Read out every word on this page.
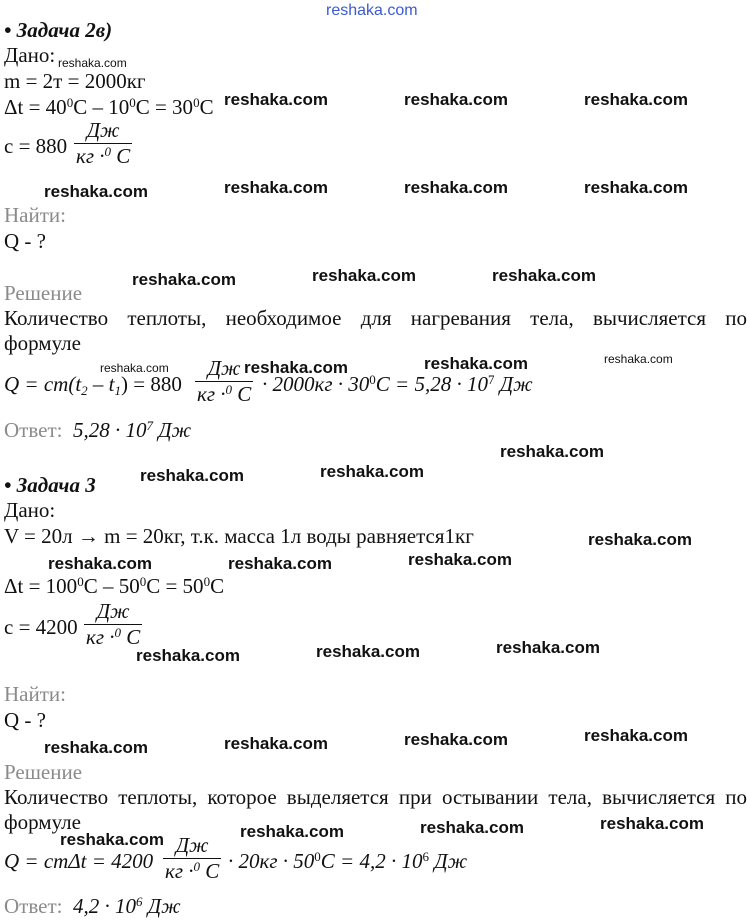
reshaka.com
• Задача 2в)
Дано:
m = 2т = 2000кг
$\Delta t = 40^0C - 10^0C = 30^0C$
c = 880
Дж
кг ·$^0$ C
Найти:
Q - ?
Решение
Количество теплоты, необходимое для нагревания тела, вычисляется по
формуле
$Q = cm(t_2 - t_1) = 880$
Дж
кг ·$^0$ $C \cdot 2000кг \cdot 30^0C = 5,28 \cdot 10^7$ Дж
Ответ: $5,28 \cdot 10^7$ Дж
• Задача 3
Дано:
V = 20л → m = 20кг, т.к. масса 1л воды равняется1кг
$\Delta t = 100^0C - 50^0C = 50^0C$
c = 4200
Дж
кг ·$^0$ C
Найти:
Q - ?
Решение
Количество теплоты, которое выделяется при остывании тела, вычисляется по
формуле
Q = cmΔt = 4200
Дж
кг ·$^0$ $C \cdot 20кг \cdot 50^0C = 4,2 \cdot 10^6$ Дж
Ответ: $4,2 \cdot 10^6$ Дж
reshaka.com
reshaka.com	reshaka.com	reshaka.com
reshaka.com	reshaka.com	reshaka.com	reshaka.com
reshaka.com	reshaka.com	reshaka.com
reshaka.com	reshaka.com	reshaka.com	reshaka.com
reshaka.com
reshaka.com	reshaka.com
reshaka.com
reshaka.com	reshaka.com	reshaka.com
reshaka.com	reshaka.com	reshaka.com
reshaka.com	reshaka.com	reshaka.com	reshaka.com
reshaka.com	reshaka.com	reshaka.com	reshaka.com
